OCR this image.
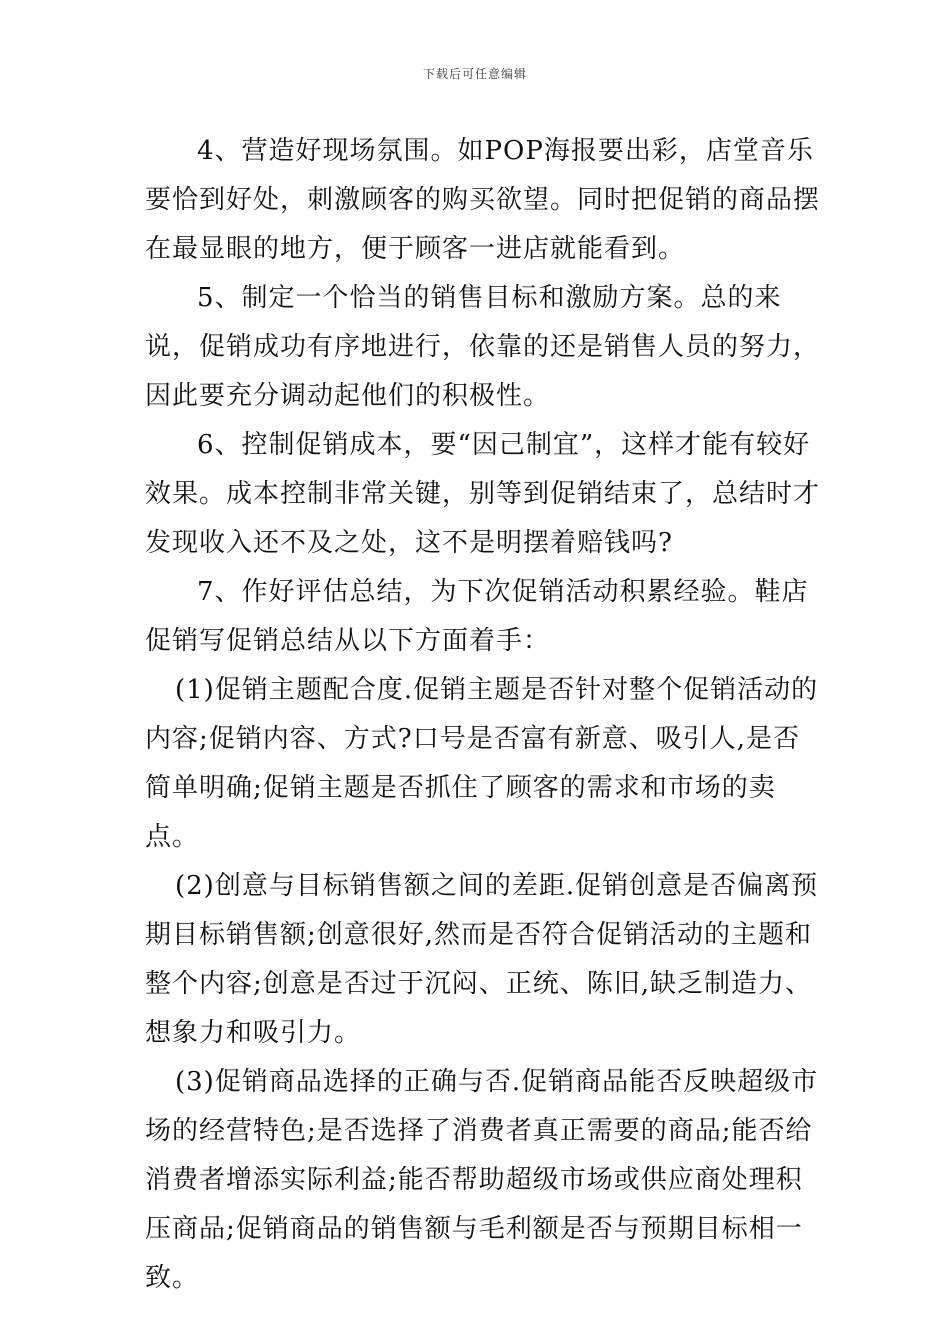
下载后可任意编辑

4、营造好现场氛围。如POP海报要出彩，店堂音乐要恰到好处，刺激顾客的购买欲望。同时把促销的商品摆在最显眼的地方，便于顾客一进店就能看到。

5、制定一个恰当的销售目标和激励方案。总的来说，促销成功有序地进行，依靠的还是销售人员的努力，因此要充分调动起他们的积极性。

6、控制促销成本，要“因己制宜”，这样才能有较好效果。成本控制非常关键，别等到促销结束了，总结时才发现收入还不及之处，这不是明摆着赔钱吗?

7、作好评估总结，为下次促销活动积累经验。鞋店促销写促销总结从以下方面着手：

(1)促销主题配合度.促销主题是否针对整个促销活动的内容;促销内容、方式?口号是否富有新意、吸引人,是否简单明确;促销主题是否抓住了顾客的需求和市场的卖点。

(2)创意与目标销售额之间的差距.促销创意是否偏离预期目标销售额;创意很好,然而是否符合促销活动的主题和整个内容;创意是否过于沉闷、正统、陈旧,缺乏制造力、想象力和吸引力。

(3)促销商品选择的正确与否.促销商品能否反映超级市场的经营特色;是否选择了消费者真正需要的商品;能否给消费者增添实际利益;能否帮助超级市场或供应商处理积压商品;促销商品的销售额与毛利额是否与预期目标相一致。
